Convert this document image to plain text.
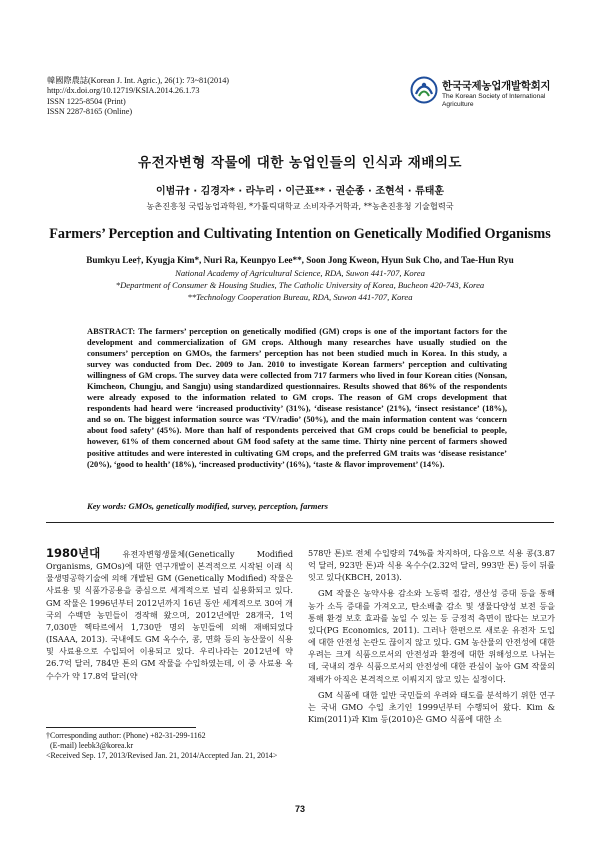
韓國際農誌(Korean J. Int. Agric.), 26(1): 73~81(2014)
http://dx.doi.org/10.12719/KSIA.2014.26.1.73
ISSN 1225-8504 (Print)
ISSN 2287-8165 (Online)
한국국제농업개발학회지
The Korean Society of International Agriculture
유전자변형 작물에 대한 농업인들의 인식과 재배의도
이범규† · 김경자* · 라누리 · 이근표** · 권순종 · 조현석 · 류태훈
농촌진흥청 국립농업과학원, *가톨릭대학교 소비자주거학과, **농촌진흥청 기술협력국
Farmers’ Perception and Cultivating Intention on Genetically Modified Organisms
Bumkyu Lee†, Kyugja Kim*, Nuri Ra, Keunpyo Lee**, Soon Jong Kweon, Hyun Suk Cho, and Tae-Hun Ryu
National Academy of Agricultural Science, RDA, Suwon 441-707, Korea
*Department of Consumer & Housing Studies, The Catholic University of Korea, Bucheon 420-743, Korea
**Technology Cooperation Bureau, RDA, Suwon 441-707, Korea
ABSTRACT: The farmers’ perception on genetically modified (GM) crops is one of the important factors for the development and commercialization of GM crops. Although many researches have usually studied on the consumers’ perception on GMOs, the farmers’ perception has not been studied much in Korea. In this study, a survey was conducted from Dec. 2009 to Jan. 2010 to investigate Korean farmers’ perception and cultivating willingness of GM crops. The survey data were collected from 717 farmers who lived in four Korean cities (Nonsan, Kimcheon, Chungju, and Sangju) using standardized questionnaires. Results showed that 86% of the respondents were already exposed to the information related to GM crops. The reason of GM crops development that respondents had heard were ‘increased productivity’ (31%), ‘disease resistance’ (21%), ‘insect resistance’ (18%), and so on. The biggest information source was ‘TV/radio’ (50%), and the main information content was ‘concern about food safety’ (45%). More than half of respondents perceived that GM crops could be beneficial to people, however, 61% of them concerned about GM food safety at the same time. Thirty nine percent of farmers showed positive attitudes and were interested in cultivating GM crops, and the preferred GM traits was ‘disease resistance’ (20%), ‘good to health’ (18%), ‘increased productivity’ (16%), ‘taste & flavor improvement’ (14%).
Key words: GMOs, genetically modified, survey, perception, farmers

1980년대 유전자변형생물체(Genetically Modified Organisms, GMOs)에 대한 연구개발이 본격적으로 시작된 이래 식물생명공학기술에 의해 개발된 GM (Genetically Modified) 작물은 사료용 및 식품가공용을 중심으로 세계적으로 널리 실용화되고 있다. GM 작물은 1996년부터 2012년까지 16년 동안 세계적으로 30여 개국의 수백만 농민들이 경작해 왔으며, 2012년에만 28개국, 1억 7,030만 헥타르에서 1,730만 명의 농민들에 의해 재배되었다(ISAAA, 2013). 국내에도 GM 옥수수, 콩, 면화 등의 농산물이 식용 및 사료용으로 수입되어 이용되고 있다. 우리나라는 2012년에 약 26.7억 달러, 784만 톤의 GM 작물을 수입하였는데, 이 중 사료용 옥수수가 약 17.8억 달러(약

578만 톤)로 전체 수입량의 74%를 차지하며, 다음으로 식용 콩(3.87억 달러, 923만 톤)과 식용 옥수수(2.32억 달러, 993만 톤) 등이 뒤를 잇고 있다(KBCH, 2013).

GM 작물은 농약사용 감소와 노동력 절감, 생산성 증대 등을 통해 농가 소득 증대를 가져오고, 탄소배출 감소 및 생물다양성 보전 등을 통해 환경 보호 효과를 높일 수 있는 등 긍정적 측면이 많다는 보고가 있다(PG Economics, 2011). 그러나 한편으로 새로운 유전자 도입에 대한 안전성 논란도 끊이지 않고 있다. GM 농산물의 안전성에 대한 우려는 크게 식품으로서의 안전성과 환경에 대한 위해성으로 나뉘는데, 국내의 경우 식품으로서의 안전성에 대한 관심이 높아 GM 작물의 재배가 아직은 본격적으로 이뤄지지 않고 있는 실정이다.

GM 식품에 대한 일반 국민들의 우려와 태도를 분석하기 위한 연구는 국내 GMO 수입 초기인 1999년부터 수행되어 왔다. Kim & Kim(2011)과 Kim 등(2010)은 GMO 식품에 대한 소

†Corresponding author: (Phone) +82-31-299-1162
(E-mail) leebk3@korea.kr
<Received Sep. 17, 2013/Revised Jan. 21, 2014/Accepted Jan. 21, 2014>
73
